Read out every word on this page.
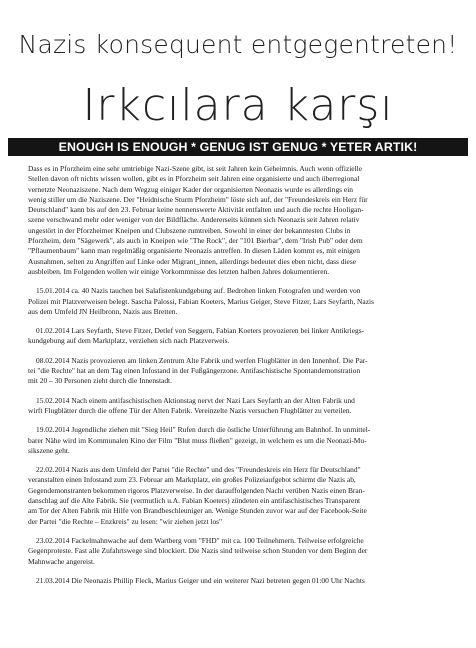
Nazis konsequent entgegentreten!
Irkcılara karşı
ENOUGH IS ENOUGH * GENUG IST GENUG * YETER ARTIK!
Dass es in Pforzheim eine sehr umtriebige Nazi-Szene gibt, ist seit Jahren kein Geheimnis. Auch wenn offizielle
Stellen davon oft nichts wissen wollen, gibt es in Pforzheim seit Jahren eine organisierte und auch überregional
vernetzte Neonaziszene. Nach dem Wegzug einiger Kader der organisierten Neonazis wurde es allerdings ein
wenig stiller um die Naziszene. Der "Heidnische Sturm Pforzheim" löste sich auf, der "Freundeskreis ein Herz für
Deutschland" kann bis auf den 23. Februar keine nennenswerte Aktivität entfalten und auch die rechte Hooligan-
szene verschwand mehr oder weniger von der Bildfläche. Andererseits können sich Neonazis seit Jahren relativ
ungestört in der Pforzheimer Kneipen und Clubszene rumtreiben. Sowohl in einer der bekanntesten Clubs in
Pforzheim, dem "Sägewerk", als auch in Kneipen wie "The Rock", der "101 Bierbar", dem "Irish Pub" oder dem
"Pflaumenbaum" kann man regelmäßig organisierte Neonazis antreffen. In diesen Läden kommt es, mit einigen
Ausnahmen, selten zu Angriffen auf Linke oder Migrant_innen, allerdings bedeutet dies eben nicht, dass diese
ausbleiben. Im Folgenden wollen wir einige Vorkommnisse des letzten halben Jahres dokumentieren.
15.01.2014 ca. 40 Nazis tauchen bei Salafistenkundgebung auf. Bedrohen linken Fotografen und werden von
Polizei mit Platzverweisen belegt. Sascha Palossi, Fabian Koeters, Marius Geiger, Steve Fitzer, Lars Seyfarth, Nazis
aus dem Umfeld JN Heilbronn, Nazis aus Bretten.
01.02.2014 Lars Seyfarth, Steve Fitzer, Detlef von Seggern, Fabian Koeters provozieren bei linker Antikriegs-
kundgebung auf dem Marktplatz, verziehen sich nach Platzverweis.
08.02.2014 Nazis provozieren am linken Zentrum Alte Fabrik und werfen Flugblätter in den Innenhof. Die Par-
tei "die Rechte" hat an dem Tag einen Infostand in der Fußgängerzone. Antifaschistische Spontandemonstration
mit 20 – 30 Personen zieht durch die Innenstadt.
15.02.2014 Nach einem antifaschistischen Aktionstag nervt der Nazi Lars Seyfarth an der Alten Fabrik und
wirft Flugblätter durch die offene Tür der Alten Fabrik. Vereinzelte Nazis versuchen Flugblätter zu verteilen.
19.02.2014 Jugendliche ziehen mit "Sieg Heil" Rufen durch die östliche Unterführung am Bahnhof. In unmittel-
barer Nähe wird im Kommunalen Kino der Film "Blut muss fließen" gezeigt, in welchem es um die Neonazi-Mu-
sikszene geht.
22.02.2014 Nazis aus dem Umfeld der Partei "die Rechte" und des "Freundeskreis ein Herz für Deutschland"
veranstalten einen Infostand zum 23. Februar am Marktplatz, ein großes Polizeiaufgebot schirmt die Nazis ab,
Gegendemonstranten bekommen rigoros Platzverweise. In der darauffolgenden Nacht verüben Nazis einen Bran-
danschlag auf die Alte Fabrik. Sie (vermutlich u.A. Fabian Koeters) zündeten ein antifaschistisches Transparent
am Tor der Alten Fabrik mit Hilfe von Brandbeschleuniger an. Wenige Stunden zuvor war auf der Facebook-Seite
der Partei "die Rechte – Enzkreis" zu lesen: "wir ziehen jetzt los"
23.02.2014 Fackelmahnwache auf dem Wartberg vom "FHD" mit ca. 100 Teilnehmern. Teilweise erfolgreiche
Gegenproteste. Fast alle Zufahrtswege sind blockiert. Die Nazis sind teilweise schon Stunden vor dem Beginn der
Mahnwache angereist.
21.03.2014 Die Neonazis Phillip Fleck, Marius Geiger und ein weiterer Nazi betreten gegen 01:00 Uhr Nachts
